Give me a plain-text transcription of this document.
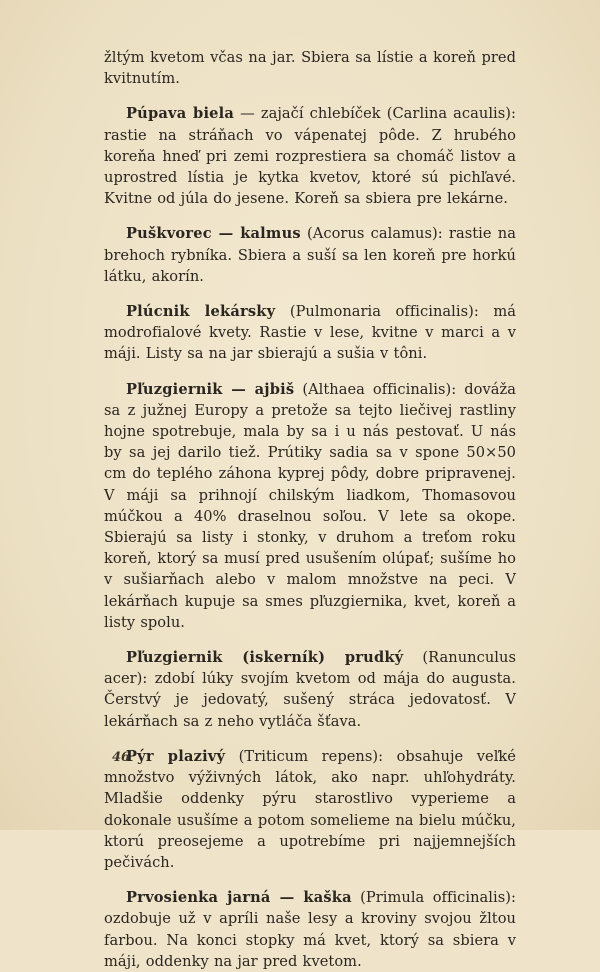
žltým kvetom včas na jar. Sbiera sa lístie a koreň pred kvitnutím.

Púpava biela — zajačí chlebíček (Carlina acaulis): rastie na stráňach vo vápenatej pôde. Z hrubého koreňa hneď pri zemi rozprestiera sa chomáč listov a uprostred lístia je kytka kvetov, ktoré sú pichľavé. Kvitne od júla do jesene. Koreň sa sbiera pre lekárne.

Puškvorec — kalmus (Acorus calamus): rastie na brehoch rybníka. Sbiera a suší sa len koreň pre horkú látku, akorín.

Plúcnik lekársky (Pulmonaria officinalis): má modrofialové kvety. Rastie v lese, kvitne v marci a v máji. Listy sa na jar sbierajú a sušia v tôni.

Pľuzgiernik — ajbiš (Althaea officinalis): dováža sa z južnej Europy a pretože sa tejto liečivej rastliny hojne spotrebuje, mala by sa i u nás pestovať. U nás by sa jej darilo tiež. Prútiky sadia sa v spone 50×50 cm do teplého záhona kyprej pôdy, dobre pripravenej. V máji sa prihnojí chilským liadkom, Thomasovou múčkou a 40% draselnou soľou. V lete sa okope. Sbierajú sa listy i stonky, v druhom a treťom roku koreň, ktorý sa musí pred usušením olúpať; sušíme ho v sušiarňach alebo v malom množstve na peci. V lekárňach kupuje sa smes pľuzgiernika, kvet, koreň a listy spolu.

Pľuzgiernik (iskerník) prudký (Ranunculus acer): zdobí lúky svojím kvetom od mája do augusta. Čerstvý je jedovatý, sušený stráca jedovatosť. V lekárňach sa z neho vytláča šťava.

Pýr plazivý (Triticum repens): obsahuje veľké množstvo výživných látok, ako napr. uhľohydráty. Mladšie oddenky pýru starostlivo vyperieme a dokonale usušíme a potom somelieme na bielu múčku, ktorú preosejeme a upotrebíme pri najjemnejších pečivách.

Prvosienka jarná — kaška (Primula officinalis): ozdobuje už v apríli naše lesy a kroviny svojou žltou farbou. Na konci stopky má kvet, ktorý sa sbiera v máji, oddenky na jar pred kvetom.

46
